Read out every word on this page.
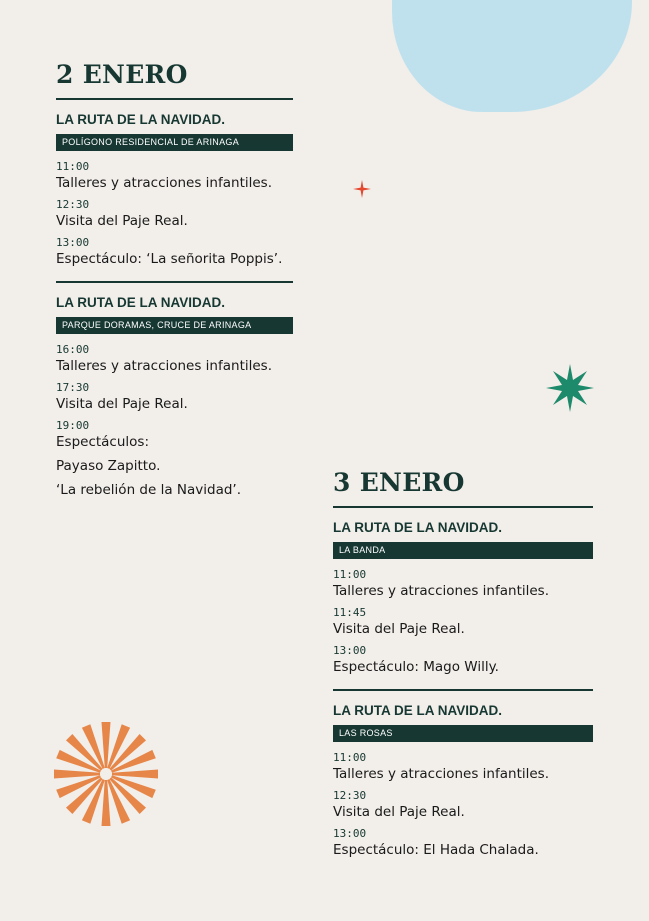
2 ENERO
LA RUTA DE LA NAVIDAD.
POLÍGONO RESIDENCIAL DE ARINAGA
11:00
Talleres y atracciones infantiles.
12:30
Visita del Paje Real.
13:00
Espectáculo: ‘La señorita Poppis’.
LA RUTA DE LA NAVIDAD.
PARQUE DORAMAS, CRUCE DE ARINAGA
16:00
Talleres y atracciones infantiles.
17:30
Visita del Paje Real.
19:00
Espectáculos:
Payaso Zapitto.
‘La rebelión de la Navidad’.	3 ENERO
LA RUTA DE LA NAVIDAD.
LA BANDA
11:00
Talleres y atracciones infantiles.
11:45
Visita del Paje Real.
13:00
Espectáculo: Mago Willy.
LA RUTA DE LA NAVIDAD.
LAS ROSAS
11:00
Talleres y atracciones infantiles.
12:30
Visita del Paje Real.
13:00
Espectáculo: El Hada Chalada.
